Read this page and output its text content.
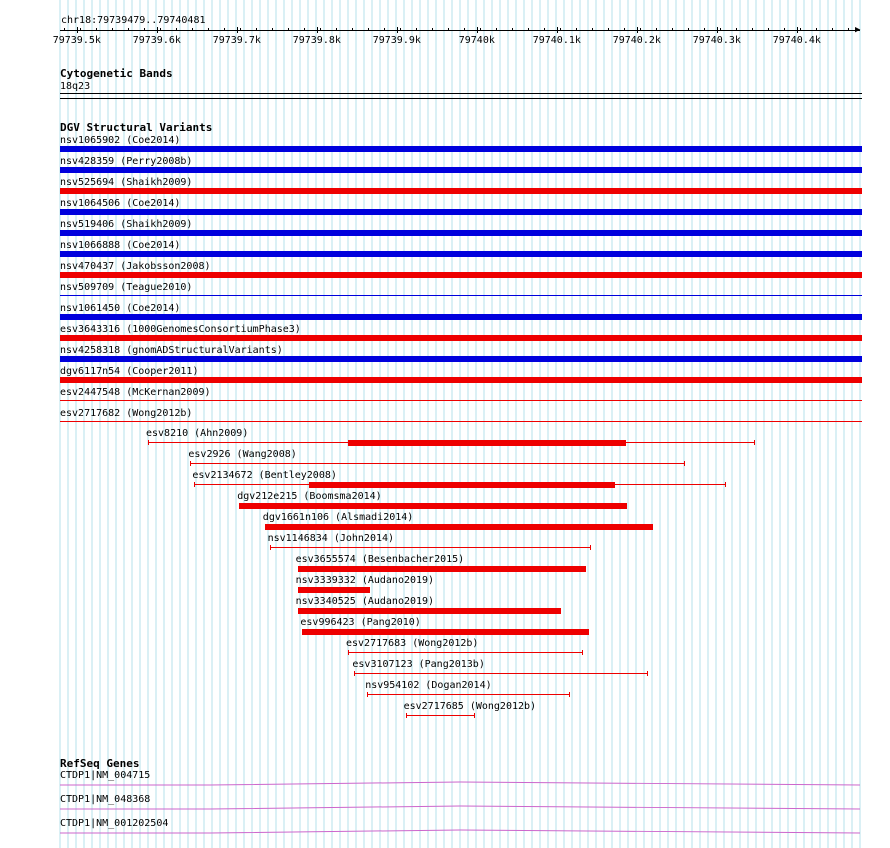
chr18:79739479..79740481
▶
79739.5k	79739.6k	79739.7k	79739.8k	79739.9k	79740k	79740.1k	79740.2k	79740.3k	79740.4k
Cytogenetic Bands
18q23
DGV Structural Variants
nsv1065902 (Coe2014)
nsv428359 (Perry2008b)
nsv525694 (Shaikh2009)
nsv1064506 (Coe2014)
nsv519406 (Shaikh2009)
nsv1066888 (Coe2014)
nsv470437 (Jakobsson2008)
nsv509709 (Teague2010)
nsv1061450 (Coe2014)
esv3643316 (1000GenomesConsortiumPhase3)
nsv4258318 (gnomADStructuralVariants)
dgv6117n54 (Cooper2011)
esv2447548 (McKernan2009)
esv2717682 (Wong2012b)
esv8210 (Ahn2009)
esv2926 (Wang2008)
esv2134672 (Bentley2008)
dgv212e215 (Boomsma2014)
dgv1661n106 (Alsmadi2014)
nsv1146834 (John2014)
esv3655574 (Besenbacher2015)
nsv3339332 (Audano2019)
nsv3340525 (Audano2019)
esv996423 (Pang2010)
esv2717683 (Wong2012b)
esv3107123 (Pang2013b)
nsv954102 (Dogan2014)
esv2717685 (Wong2012b)
RefSeq Genes
CTDP1|NM_004715
CTDP1|NM_048368
CTDP1|NM_001202504
